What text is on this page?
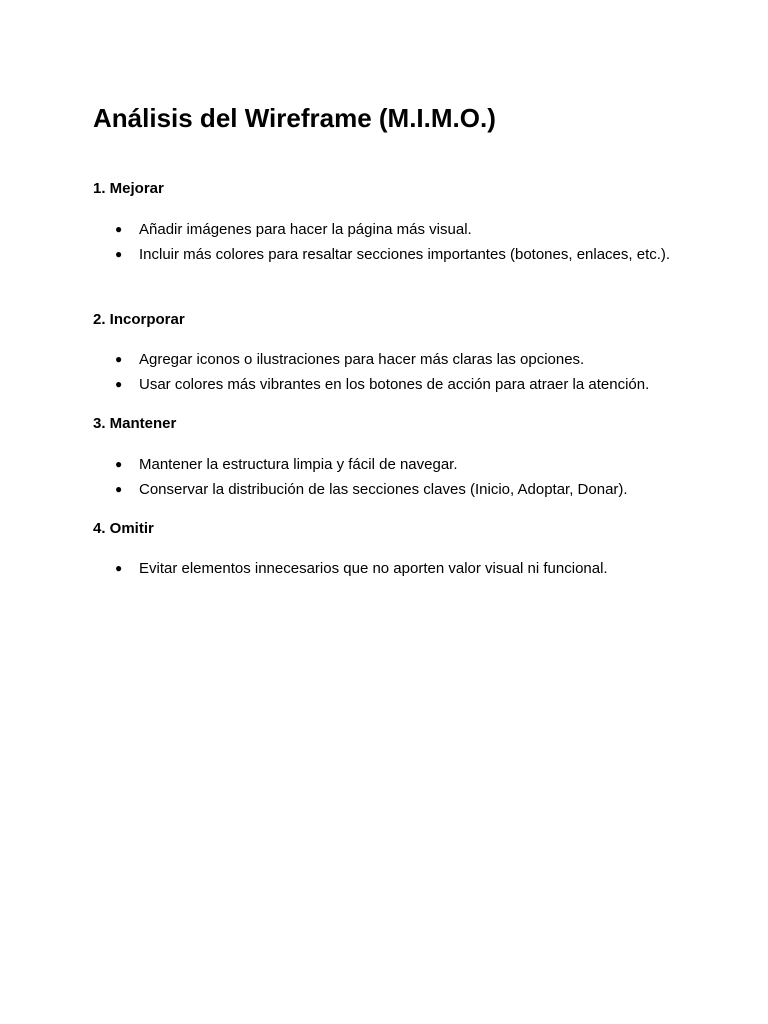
Análisis del Wireframe (M.I.M.O.)
1. Mejorar
● Añadir imágenes para hacer la página más visual.
● Incluir más colores para resaltar secciones importantes (botones, enlaces, etc.).
2. Incorporar
● Agregar iconos o ilustraciones para hacer más claras las opciones.
● Usar colores más vibrantes en los botones de acción para atraer la atención.
3. Mantener
● Mantener la estructura limpia y fácil de navegar.
● Conservar la distribución de las secciones claves (Inicio, Adoptar, Donar).
4. Omitir
● Evitar elementos innecesarios que no aporten valor visual ni funcional.
